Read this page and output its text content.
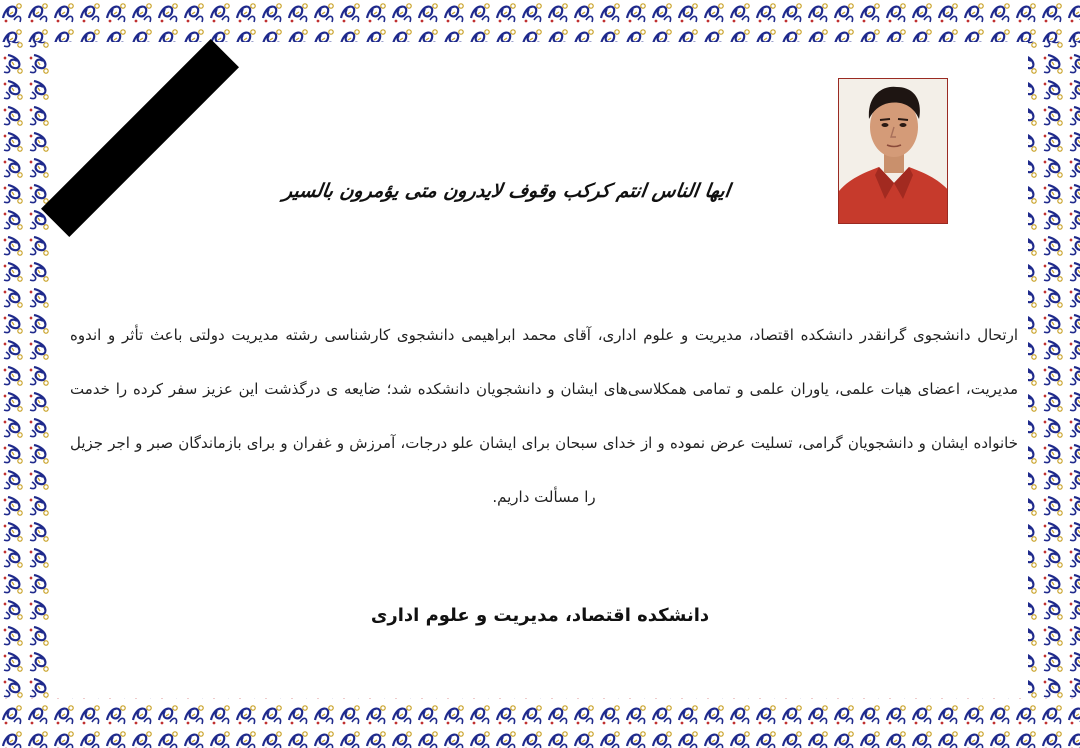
ایها الناس انتم کرکب وقوف لایدرون متی یؤمرون بالسیر
ارتحال دانشجوی گرانقدر دانشکده اقتصاد، مدیریت و علوم اداری، آقای محمد ابراهیمی دانشجوی کارشناسی رشته مدیریت دولتی باعث تأثر و اندوه مدیریت، اعضای هیات علمی، یاوران علمی و تمامی همکلاسی‌های ایشان و دانشجویان دانشکده شد؛ ضایعه ی درگذشت این عزیز سفر کرده را خدمت خانواده ایشان و دانشجویان گرامی، تسلیت عرض نموده و از خدای سبحان برای ایشان علو درجات، آمرزش و غفران و برای بازماندگان صبر و اجر جزیل را مسألت داریم.
دانشکده اقتصاد، مدیریت و علوم اداری
